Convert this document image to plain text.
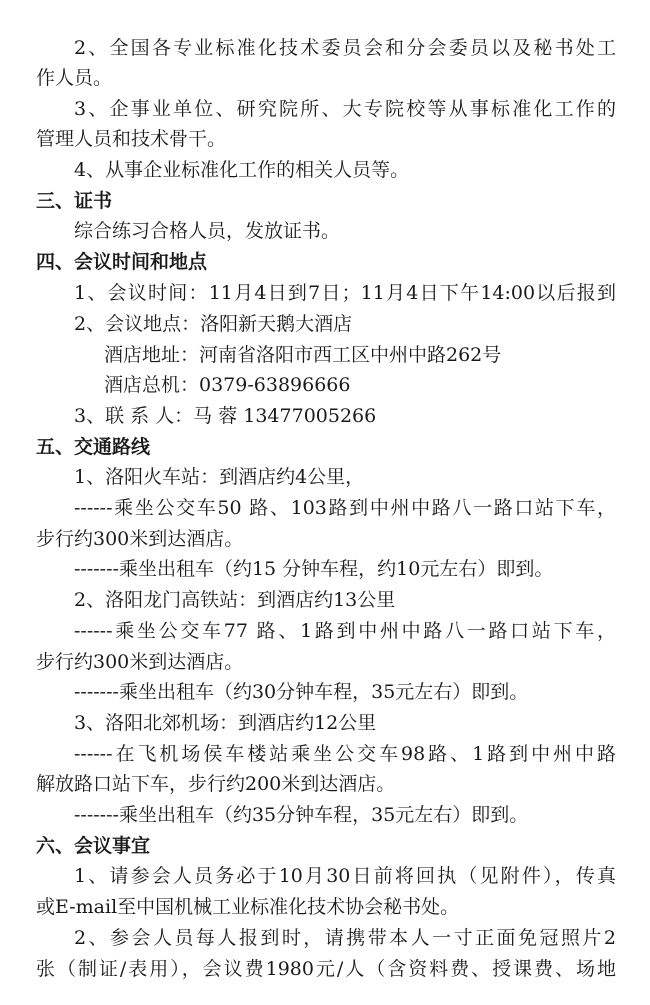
2、全国各专业标准化技术委员会和分会委员以及秘书处工
作人员。
3、企事业单位、研究院所、大专院校等从事标准化工作的
管理人员和技术骨干。
4、从事企业标准化工作的相关人员等。
三、证书
综合练习合格人员，发放证书。
四、会议时间和地点
1、会议时间：11月4日到7日；11月4日下午14:00以后报到
2、会议地点：洛阳新天鹅大酒店
酒店地址：河南省洛阳市西工区中州中路262号
酒店总机：0379-63896666
3、联 系 人：马 蓉 13477005266
五、交通路线
1、洛阳火车站：到酒店约4公里，
------乘坐公交车50 路、103路到中州中路八一路口站下车，
步行约300米到达酒店。
-------乘坐出租车（约15 分钟车程，约10元左右）即到。
2、洛阳龙门高铁站：到酒店约13公里
------乘坐公交车77 路、1路到中州中路八一路口站下车，
步行约300米到达酒店。
-------乘坐出租车（约30分钟车程，35元左右）即到。
3、洛阳北郊机场：到酒店约12公里
------在飞机场侯车楼站乘坐公交车98路、1路到中州中路
解放路口站下车，步行约200米到达酒店。
-------乘坐出租车（约35分钟车程，35元左右）即到。
六、会议事宜
1、请参会人员务必于10月30日前将回执（见附件），传真
或E-mail至中国机械工业标准化技术协会秘书处。
2、参会人员每人报到时，请携带本人一寸正面免冠照片2
张（制证/表用），会议费1980元/人（含资料费、授课费、场地
